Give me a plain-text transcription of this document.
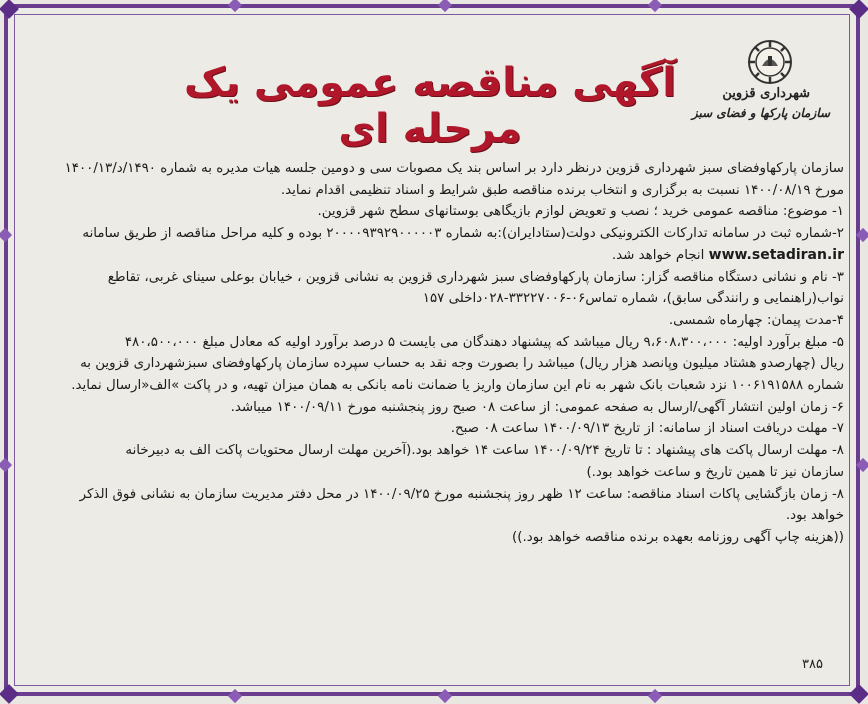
شهرداری قزوین
سازمان پارکها و فضای سبز
آگهی مناقصه عمومی یک مرحله ای

سازمان پارکهاوفضای سبز شهرداری قزوین درنظر دارد بر اساس بند یک مصوبات سی و دومین جلسه هیات مدیره به شماره ۱۴۹۰/د/۱۴۰۰/۱۳

مورخ ۱۴۰۰/۰۸/۱۹ نسبت به برگزاری و انتخاب برنده مناقصه طبق شرایط و اسناد تنظیمی اقدام نماید.

۱- موضوع: مناقصه عمومی خرید ؛ نصب و تعویض لوازم بازیگاهی بوستانهای سطح شهر قزوین.

۲-شماره ثبت در سامانه تدارکات الکترونیکی دولت(ستادایران):به شماره ۲۰۰۰۰۹۳۹۲۹۰۰۰۰۰۳ بوده و کلیه مراحل مناقصه از طریق سامانه

www.setadiran.ir انجام خواهد شد.

۳- نام و نشانی دستگاه مناقصه گزار: سازمان پارکهاوفضای سبز شهرداری قزوین به نشانی قزوین ، خیابان بوعلی سینای غربی، تقاطع

نواب(راهنمایی و رانندگی سابق)، شماره تماس۰۶-۳۳۲۲۷۰۰۶-۰۲۸داخلی ۱۵۷

۴-مدت پیمان: چهارماه شمسی.

۵- مبلغ برآورد اولیه: ۹،۶۰۸،۳۰۰،۰۰۰ ریال میباشد که پیشنهاد دهندگان می بایست ۵ درصد برآورد اولیه که معادل مبلغ ۴۸۰،۵۰۰،۰۰۰

ریال (چهارصدو هشتاد میلیون وپانصد هزار ریال) میباشد را بصورت وجه نقد به حساب سپرده سازمان پارکهاوفضای سبزشهرداری قزوین به

شماره ۱۰۰۶۱۹۱۵۸۸ نزد شعبات بانک شهر به نام این سازمان واریز یا ضمانت نامه بانکی به همان میزان تهیه، و در پاکت »الف«ارسال نماید.

۶- زمان اولین انتشار آگهی/ارسال به صفحه عمومی: از ساعت ۰۸ صبح روز پنجشنبه مورخ ۱۴۰۰/۰۹/۱۱ میباشد.

۷- مهلت دریافت اسناد از سامانه: از تاریخ ۱۴۰۰/۰۹/۱۳ ساعت ۰۸ صبح.

۸- مهلت ارسال پاکت های پیشنهاد : تا تاریخ ۱۴۰۰/۰۹/۲۴ ساعت ۱۴ خواهد بود.(آخرین مهلت ارسال محتویات پاکت الف به دبیرخانه

سازمان نیز تا همین تاریخ و ساعت خواهد بود.)

۸- زمان بازگشایی پاکات اسناد مناقصه: ساعت ۱۲ ظهر روز پنجشنبه مورخ ۱۴۰۰/۰۹/۲۵ در محل دفتر مدیریت سازمان به نشانی فوق الذکر

خواهد بود.

((هزینه چاپ آگهی روزنامه بعهده برنده مناقصه خواهد بود.))

۳۸۵
